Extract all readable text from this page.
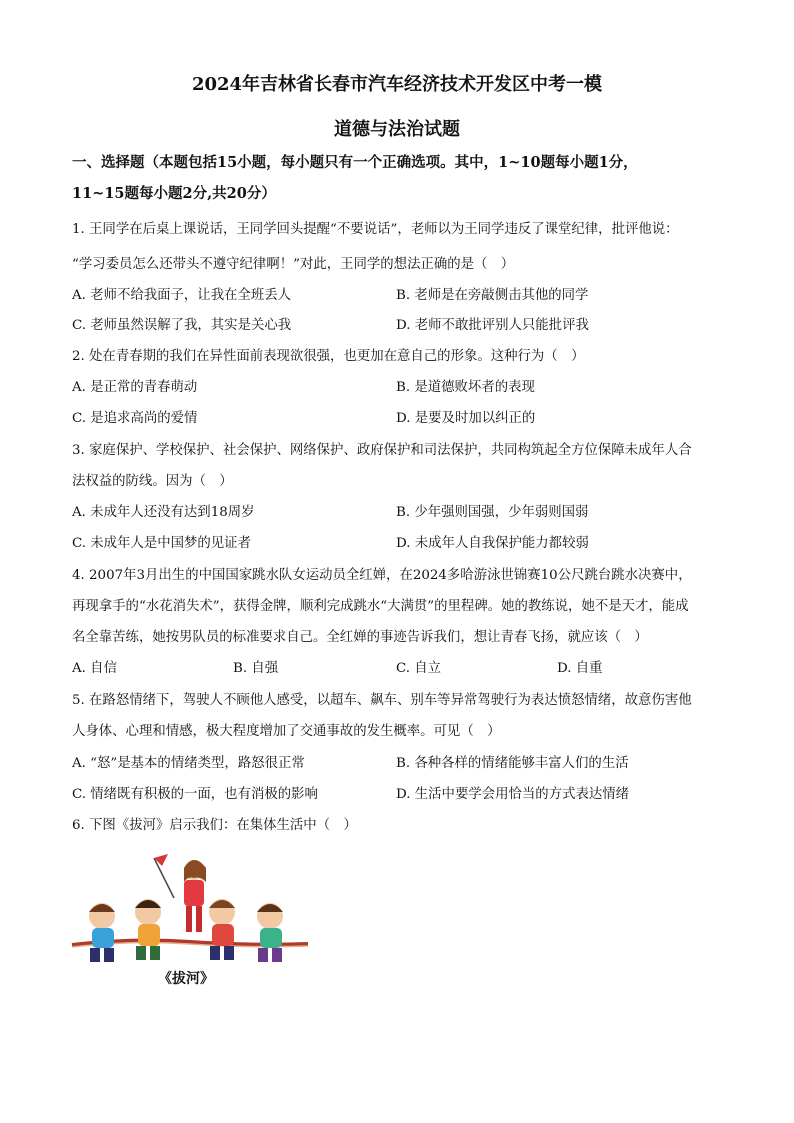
2024年吉林省长春市汽车经济技术开发区中考一模
道德与法治试题
一、选择题（本题包括15小题，每小题只有一个正确选项。其中，1~10题每小题1分，
11~15题每小题2分,共20分）
1. 王同学在后桌上课说话，王同学回头提醒“不要说话”，老师以为王同学违反了课堂纪律，批评他说：
“学习委员怎么还带头不遵守纪律啊！”对此，王同学的想法正确的是（　）
A. 老师不给我面子，让我在全班丢人	B. 老师是在旁敲侧击其他的同学
C. 老师虽然误解了我，其实是关心我	D. 老师不敢批评别人只能批评我
2. 处在青春期的我们在异性面前表现欲很强，也更加在意自己的形象。这种行为（　）
A. 是正常的青春萌动	B. 是道德败坏者的表现
C. 是追求高尚的爱情	D. 是要及时加以纠正的
3. 家庭保护、学校保护、社会保护、网络保护、政府保护和司法保护，共同构筑起全方位保障未成年人合
法权益的防线。因为（　）
A. 未成年人还没有达到18周岁	B. 少年强则国强，少年弱则国弱
C. 未成年人是中国梦的见证者	D. 未成年人自我保护能力都较弱
4. 2007年3月出生的中国国家跳水队女运动员全红婵，在2024多哈游泳世锦赛10公尺跳台跳水决赛中，
再现拿手的“水花消失术”，获得金牌，顺利完成跳水“大满贯”的里程碑。她的教练说，她不是天才，能成
名全靠苦练，她按男队员的标准要求自己。全红婵的事迹告诉我们，想让青春飞扬，就应该（　）
A. 自信	B. 自强	C. 自立	D. 自重
5. 在路怒情绪下，驾驶人不顾他人感受，以超车、飙车、别车等异常驾驶行为表达愤怒情绪，故意伤害他
人身体、心理和情感，极大程度增加了交通事故的发生概率。可见（　）
A. “怒”是基本的情绪类型，路怒很正常	B. 各种各样的情绪能够丰富人们的生活
C. 情绪既有积极的一面，也有消极的影响	D. 生活中要学会用恰当的方式表达情绪
6. 下图《拔河》启示我们：在集体生活中（　）
《拔河》
